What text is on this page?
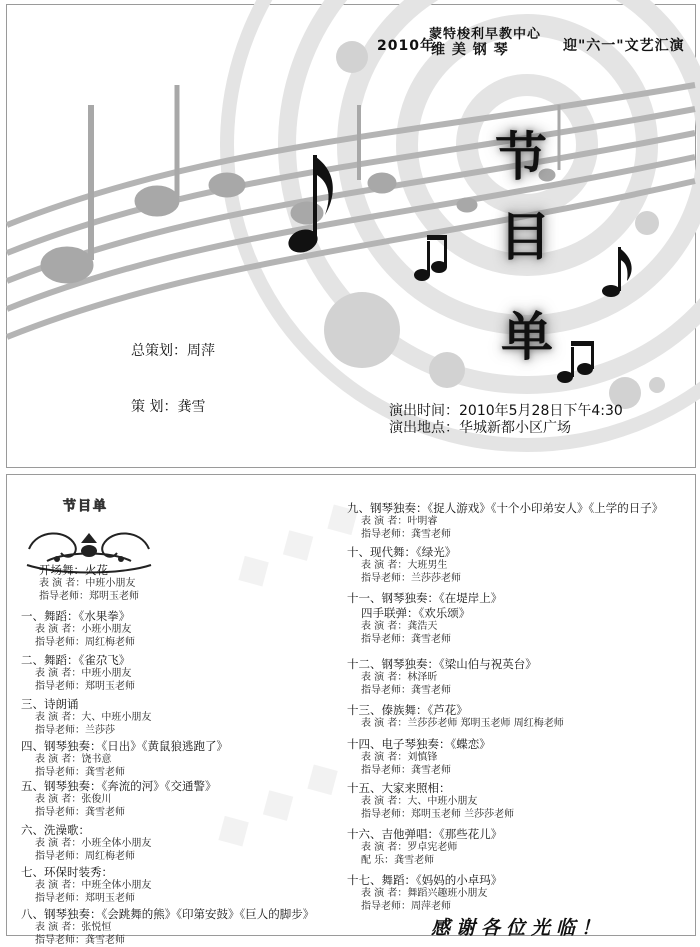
蒙特梭利早教中心
2010年
维 美 钢 琴	迎"六一"文艺汇演
节
目
单
总策划：周萍
策 划：龚雪	演出时间：2010年5月28日下午4:30
演出地点：华城新都小区广场
◆ ◆ ◆
◆ ◆ ◆
节目单
开场舞：火花
表 演 者：中班小朋友
指导老师：郑明玉老师
一、舞蹈：《水果拳》
表 演 者：小班小朋友
指导老师：周红梅老师
二、舞蹈：《雀尕飞》
表 演 者：中班小朋友
指导老师：郑明玉老师
三、诗朗诵
表 演 者：大、中班小朋友
指导老师：兰莎莎
四、钢琴独奏：《日出》《黄鼠狼逃跑了》
表 演 者：饶书意
指导老师：龚雪老师
五、钢琴独奏：《奔流的河》《交通警》
表 演 者：张俊川
指导老师：龚雪老师
六、洗澡歌：
表 演 者：小班全体小朋友
指导老师：周红梅老师
七、环保时装秀：
表 演 者：中班全体小朋友
指导老师：郑明玉老师
八、钢琴独奏：《会跳舞的熊》《印第安鼓》《巨人的脚步》
表 演 者：张悦恒
指导老师：龚雪老师
九、钢琴独奏：《捉人游戏》《十个小印弟安人》《上学的日子》
表 演 者：叶明睿
指导老师：龚雪老师
十、现代舞：《绿光》
表 演 者：大班男生
指导老师：兰莎莎老师
十一、钢琴独奏：《在堤岸上》
四手联弹：《欢乐颂》
表 演 者：龚浩天
指导老师：龚雪老师
十二、钢琴独奏：《梁山伯与祝英台》
表 演 者：林泽昕
指导老师：龚雪老师
十三、傣族舞：《芦花》
表 演 者：兰莎莎老师 郑明玉老师 周红梅老师
十四、电子琴独奏：《蝶恋》
表 演 者：刘慎锋
指导老师：龚雪老师
十五、大家来照相：
表 演 者：大、中班小朋友
指导老师：郑明玉老师 兰莎莎老师
十六、吉他弹唱：《那些花儿》
表 演 者：罗卓宪老师
配 乐：龚雪老师
十七、舞蹈：《妈妈的小卓玛》
表 演 者：舞蹈兴趣班小朋友
指导老师：周萍老师
感谢各位光临！
